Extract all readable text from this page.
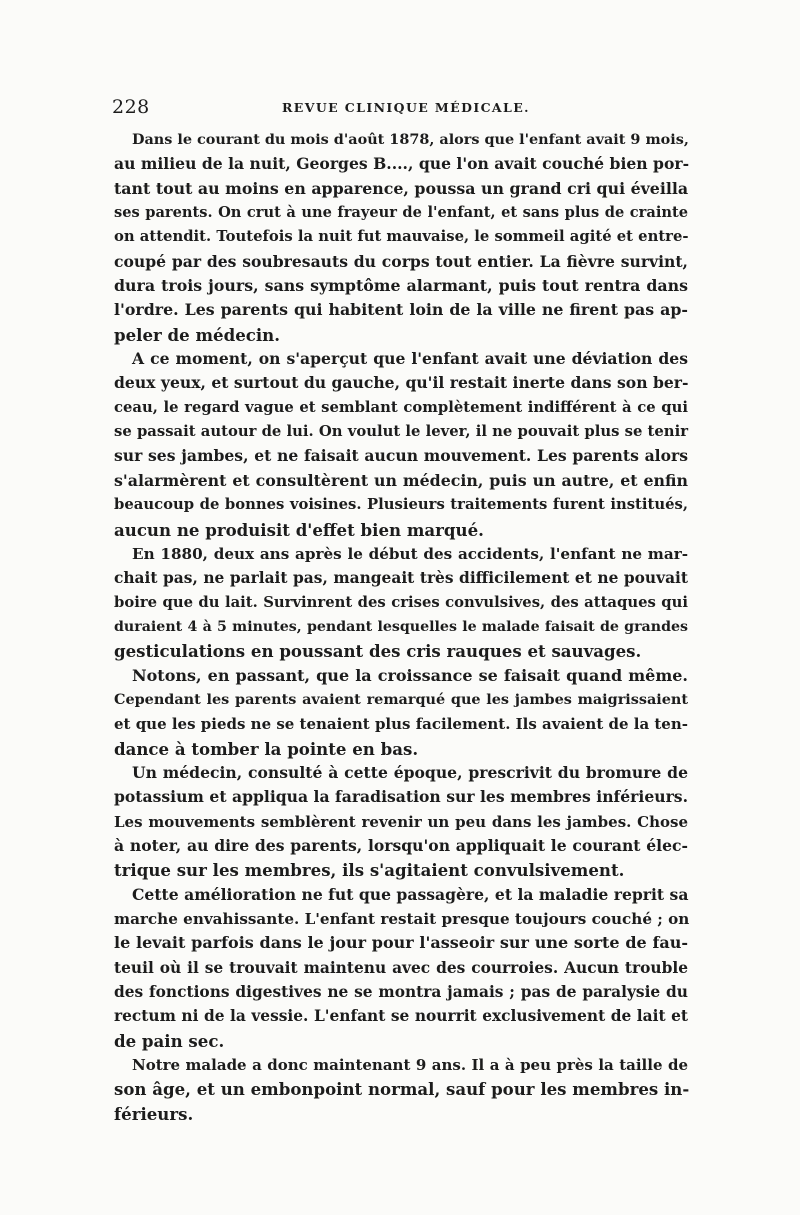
228	REVUE CLINIQUE MÉDICALE.
Dans le courant du mois d'août 1878, alors que l'enfant avait 9 mois,
au milieu de la nuit, Georges B...., que l'on avait couché bien por-
tant tout au moins en apparence, poussa un grand cri qui éveilla
ses parents. On crut à une frayeur de l'enfant, et sans plus de crainte
on attendit. Toutefois la nuit fut mauvaise, le sommeil agité et entre-
coupé par des soubresauts du corps tout entier. La fièvre survint,
dura trois jours, sans symptôme alarmant, puis tout rentra dans
l'ordre. Les parents qui habitent loin de la ville ne firent pas ap-
peler de médecin.
A ce moment, on s'aperçut que l'enfant avait une déviation des
deux yeux, et surtout du gauche, qu'il restait inerte dans son ber-
ceau, le regard vague et semblant complètement indifférent à ce qui
se passait autour de lui. On voulut le lever, il ne pouvait plus se tenir
sur ses jambes, et ne faisait aucun mouvement. Les parents alors
s'alarmèrent et consultèrent un médecin, puis un autre, et enfin
beaucoup de bonnes voisines. Plusieurs traitements furent institués,
aucun ne produisit d'effet bien marqué.
En 1880, deux ans après le début des accidents, l'enfant ne mar-
chait pas, ne parlait pas, mangeait très difficilement et ne pouvait
boire que du lait. Survinrent des crises convulsives, des attaques qui
duraient 4 à 5 minutes, pendant lesquelles le malade faisait de grandes
gesticulations en poussant des cris rauques et sauvages.
Notons, en passant, que la croissance se faisait quand même.
Cependant les parents avaient remarqué que les jambes maigrissaient
et que les pieds ne se tenaient plus facilement. Ils avaient de la ten-
dance à tomber la pointe en bas.
Un médecin, consulté à cette époque, prescrivit du bromure de
potassium et appliqua la faradisation sur les membres inférieurs.
Les mouvements semblèrent revenir un peu dans les jambes. Chose
à noter, au dire des parents, lorsqu'on appliquait le courant élec-
trique sur les membres, ils s'agitaient convulsivement.
Cette amélioration ne fut que passagère, et la maladie reprit sa
marche envahissante. L'enfant restait presque toujours couché ; on
le levait parfois dans le jour pour l'asseoir sur une sorte de fau-
teuil où il se trouvait maintenu avec des courroies. Aucun trouble
des fonctions digestives ne se montra jamais ; pas de paralysie du
rectum ni de la vessie. L'enfant se nourrit exclusivement de lait et
de pain sec.
Notre malade a donc maintenant 9 ans. Il a à peu près la taille de
son âge, et un embonpoint normal, sauf pour les membres in-
férieurs.
